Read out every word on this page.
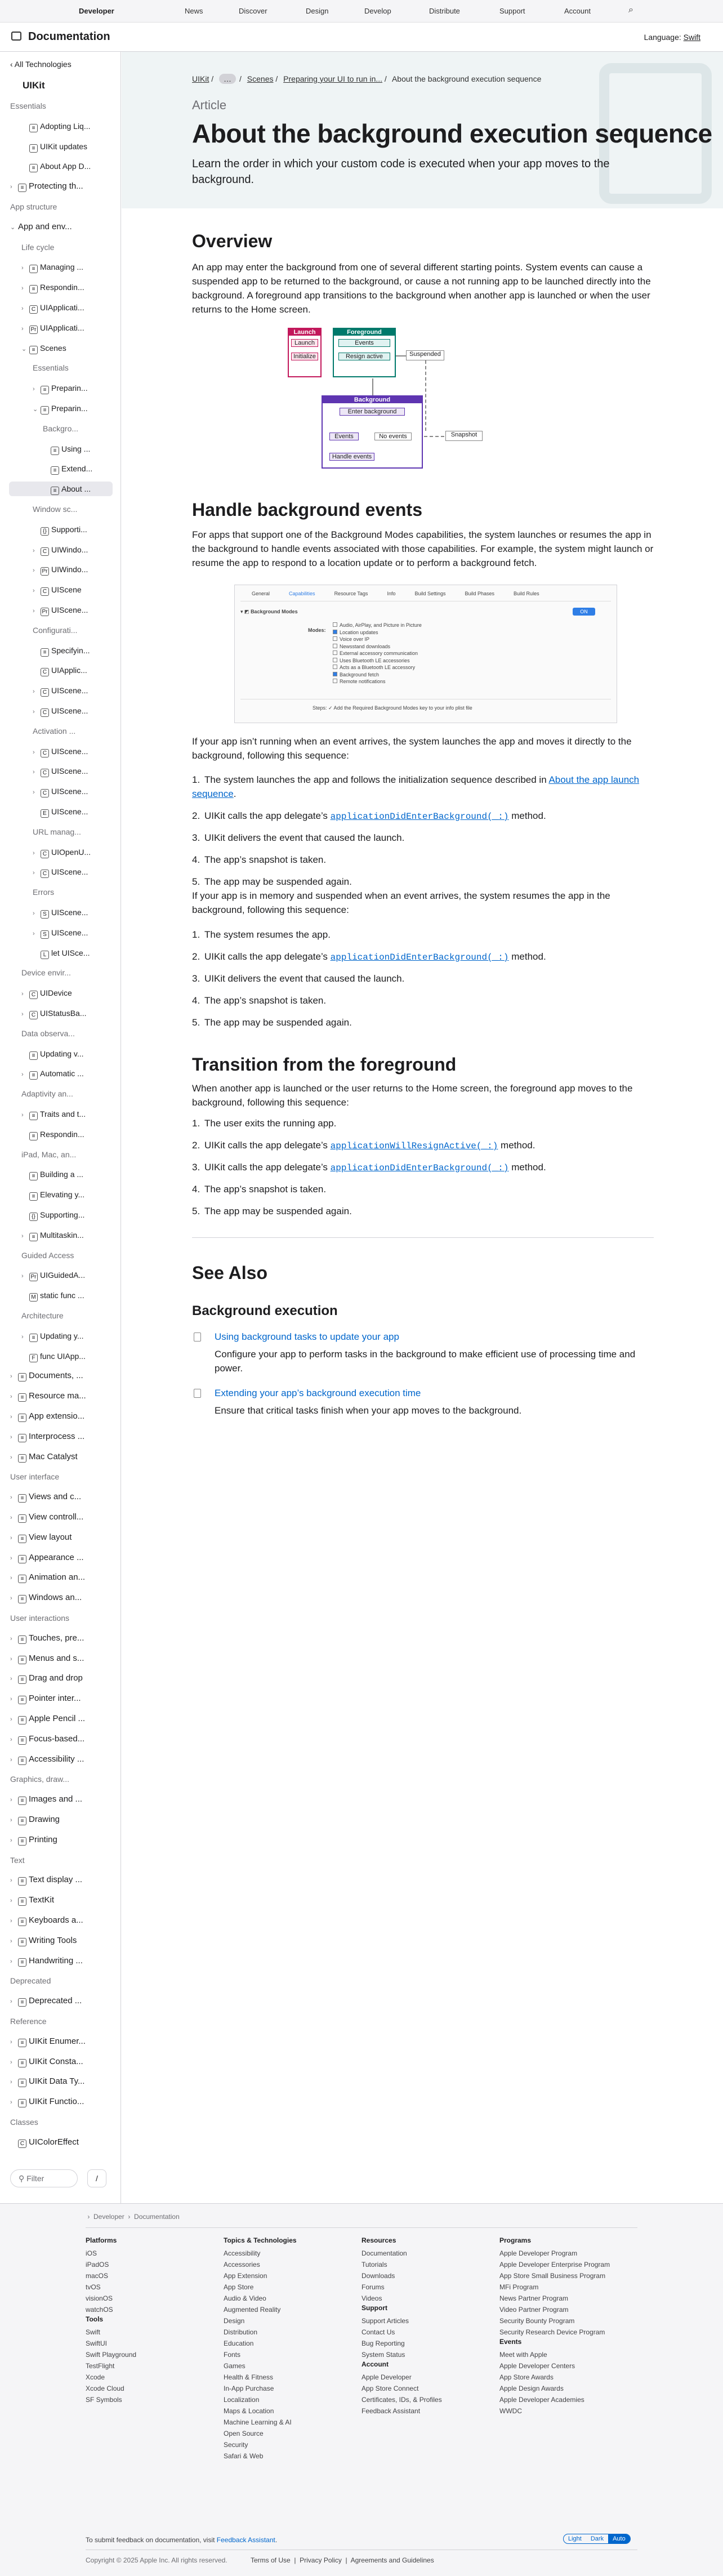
Developer	News	Discover	Design	Develop	Distribute	Support	Account	⌕
Documentation	Language: Swift
‹ All Technologies
UIKit
Essentials
≡ Adopting Liq...
≡ UIKit updates
≡ About App D...
› ≡ Protecting th...
App structure
⌄ App and env...
Life cycle
› ≡ Managing ...
› ≡ Respondin...
› C UIApplicati...
› Pr UIApplicati...
⌄ ≡ Scenes
Essentials
› ≡ Preparin...
⌄ ≡ Preparin...
Backgro...
≡ Using ...
≡ Extend...
≡ About ...
Window sc...
{} Supporti...
› C UIWindo...
› Pr UIWindo...
› C UIScene
› Pr UIScene...
Configurati...
≡ Specifyin...
C UIApplic...
› C UIScene...
› C UIScene...
Activation ...
› C UIScene...
› C UIScene...
› C UIScene...
E UIScene...
URL manag...
› C UIOpenU...
› C UIScene...
Errors
› S UIScene...
› S UIScene...
L let UISce...
Device envir...
› C UIDevice
› C UIStatusBa...
Data observa...
≡ Updating v...
› ≡ Automatic ...
Adaptivity an...
› ≡ Traits and t...
≡ Respondin...
iPad, Mac, an...
≡ Building a ...
≡ Elevating y...
{} Supporting...
› ≡ Multitaskin...
Guided Access
› Pr UIGuidedA...
M static func ...
Architecture
› ≡ Updating y...
F func UIApp...
› ≡ Documents, ...
› ≡ Resource ma...
› ≡ App extensio...
› ≡ Interprocess ...
› ≡ Mac Catalyst
User interface
› ≡ Views and c...
› ≡ View controll...
› ≡ View layout
› ≡ Appearance ...
› ≡ Animation an...
› ≡ Windows an...
User interactions
› ≡ Touches, pre...
› ≡ Menus and s...
› ≡ Drag and drop
› ≡ Pointer inter...
› ≡ Apple Pencil ...
› ≡ Focus-based...
› ≡ Accessibility ...
Graphics, draw...
› ≡ Images and ...
› ≡ Drawing
› ≡ Printing
Text
› ≡ Text display ...
› ≡ TextKit
› ≡ Keyboards a...
› ≡ Writing Tools
› ≡ Handwriting ...
Deprecated
› ≡ Deprecated ...
Reference
› ≡ UIKit Enumer...
› ≡ UIKit Consta...
› ≡ UIKit Data Ty...
› ≡ UIKit Functio...
Classes
C UIColorEffect
⚲ Filter	/
UIKit / … / Scenes / Preparing your UI to run in... / About the background execution sequence
Article
About the background execution sequence
Learn the order in which your custom code is executed when your app moves to the background.
Overview
An app may enter the background from one of several different starting points. System events can cause a suspended app to be returned to the background, or cause a not running app to be launched directly into the background. A foreground app transitions to the background when another app is launched or when the user returns to the Home screen.
Launch
Launch
Initialize
Foreground
Events
Resign active	Suspended
Background
Enter background
Events	No events
Handle events
Snapshot
Handle background events
For apps that support one of the Background Modes capabilities, the system launches or resumes the app in the background to handle events associated with those capabilities. For example, the system might launch or resume the app to respond to a location update or to perform a background fetch.
General	Capabilities	Resource Tags	Info	Build Settings	Build Phases	Build Rules
▾ ◩ Background Modes	ON
Modes:
Audio, AirPlay, and Picture in Picture
Location updates
Voice over IP
Newsstand downloads
External accessory communication
Uses Bluetooth LE accessories
Acts as a Bluetooth LE accessory
Background fetch
Remote notifications
Steps: ✓ Add the Required Background Modes key to your info plist file
If your app isn’t running when an event arrives, the system launches the app and moves it directly to the background, following this sequence:
1. The system launches the app and follows the initialization sequence described in About the app launch sequence.
2. UIKit calls the app delegate’s applicationDidEnterBackground(_:) method.
3. UIKit delivers the event that caused the launch.
4. The app’s snapshot is taken.
5. The app may be suspended again.
If your app is in memory and suspended when an event arrives, the system resumes the app in the background, following this sequence:
1. The system resumes the app.
2. UIKit calls the app delegate’s applicationDidEnterBackground(_:) method.
3. UIKit delivers the event that caused the launch.
4. The app’s snapshot is taken.
5. The app may be suspended again.
Transition from the foreground
When another app is launched or the user returns to the Home screen, the foreground app moves to the background, following this sequence:
1. The user exits the running app.
2. UIKit calls the app delegate’s applicationWillResignActive(_:) method.
3. UIKit calls the app delegate’s applicationDidEnterBackground(_:) method.
4. The app’s snapshot is taken.
5. The app may be suspended again.
See Also
Background execution
Using background tasks to update your app
Configure your app to perform tasks in the background to make efficient use of processing time and power.
Extending your app’s background execution time
Ensure that critical tasks finish when your app moves to the background.
›  Developer  ›  Documentation
Platforms
iOS
iPadOS
macOS
tvOS
visionOS
watchOS
Tools
Swift
SwiftUI
Swift Playground
TestFlight
Xcode
Xcode Cloud
SF Symbols
Topics & Technologies
Accessibility
Accessories
App Extension
App Store
Audio & Video
Augmented Reality
Design
Distribution
Education
Fonts
Games
Health & Fitness
In-App Purchase
Localization
Maps & Location
Machine Learning & AI
Open Source
Security
Safari & Web
Resources
Documentation
Tutorials
Downloads
Forums
Videos
Support
Support Articles
Contact Us
Bug Reporting
System Status
Account
Apple Developer
App Store Connect
Certificates, IDs, & Profiles
Feedback Assistant
Programs
Apple Developer Program
Apple Developer Enterprise Program
App Store Small Business Program
MFi Program
News Partner Program
Video Partner Program
Security Bounty Program
Security Research Device Program
Events
Meet with Apple
Apple Developer Centers
App Store Awards
Apple Design Awards
Apple Developer Academies
WWDC
To submit feedback on documentation, visit Feedback Assistant.	Light Dark Auto
Copyright © 2025 Apple Inc. All rights reserved.	Terms of Use  |  Privacy Policy  |  Agreements and Guidelines
